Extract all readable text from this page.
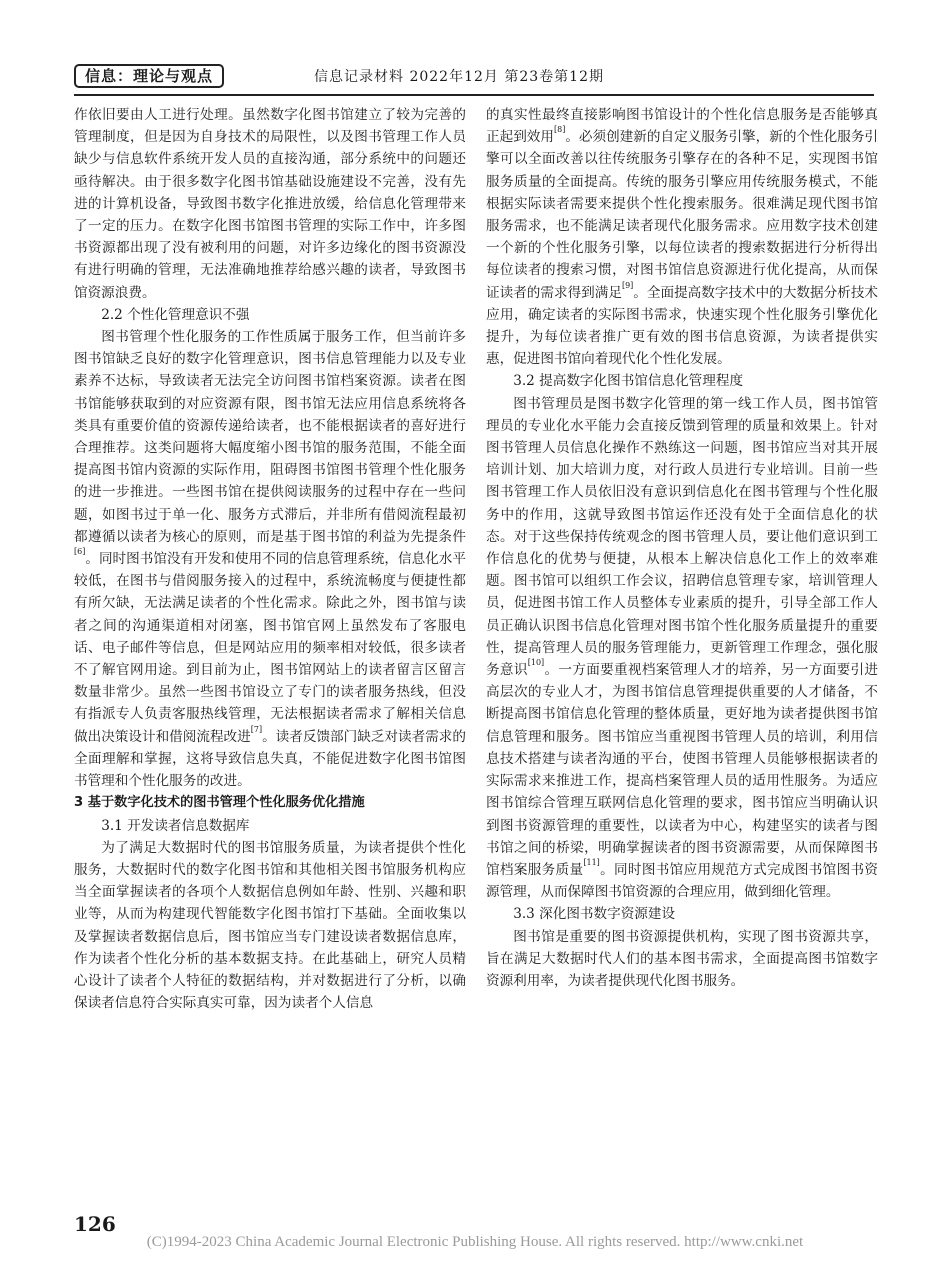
信息：理论与观点	信息记录材料 2022年12月 第23卷第12期

作依旧要由人工进行处理。虽然数字化图书馆建立了较为完善的管理制度，但是因为自身技术的局限性，以及图书管理工作人员缺少与信息软件系统开发人员的直接沟通，部分系统中的问题还亟待解决。由于很多数字化图书馆基础设施建设不完善，没有先进的计算机设备，导致图书数字化推进放缓，给信息化管理带来了一定的压力。在数字化图书馆图书管理的实际工作中，许多图书资源都出现了没有被利用的问题，对许多边缘化的图书资源没有进行明确的管理，无法准确地推荐给感兴趣的读者，导致图书馆资源浪费。

2.2 个性化管理意识不强

图书管理个性化服务的工作性质属于服务工作，但当前许多图书馆缺乏良好的数字化管理意识，图书信息管理能力以及专业素养不达标，导致读者无法完全访问图书馆档案资源。读者在图书馆能够获取到的对应资源有限，图书馆无法应用信息系统将各类具有重要价值的资源传递给读者，也不能根据读者的喜好进行合理推荐。这类问题将大幅度缩小图书馆的服务范围，不能全面提高图书馆内资源的实际作用，阻碍图书馆图书管理个性化服务的进一步推进。一些图书馆在提供阅读服务的过程中存在一些问题，如图书过于单一化、服务方式滞后，并非所有借阅流程最初都遵循以读者为核心的原则，而是基于图书馆的利益为先提条件[6]。同时图书馆没有开发和使用不同的信息管理系统，信息化水平较低，在图书与借阅服务接入的过程中，系统流畅度与便捷性都有所欠缺，无法满足读者的个性化需求。除此之外，图书馆与读者之间的沟通渠道相对闭塞，图书馆官网上虽然发布了客服电话、电子邮件等信息，但是网站应用的频率相对较低，很多读者不了解官网用途。到目前为止，图书馆网站上的读者留言区留言数量非常少。虽然一些图书馆设立了专门的读者服务热线，但没有指派专人负责客服热线管理，无法根据读者需求了解相关信息做出决策设计和借阅流程改进[7]。读者反馈部门缺乏对读者需求的全面理解和掌握，这将导致信息失真，不能促进数字化图书馆图书管理和个性化服务的改进。

3 基于数字化技术的图书管理个性化服务优化措施

3.1 开发读者信息数据库

为了满足大数据时代的图书馆服务质量，为读者提供个性化服务，大数据时代的数字化图书馆和其他相关图书馆服务机构应当全面掌握读者的各项个人数据信息例如年龄、性别、兴趣和职业等，从而为构建现代智能数字化图书馆打下基础。全面收集以及掌握读者数据信息后，图书馆应当专门建设读者数据信息库，作为读者个性化分析的基本数据支持。在此基础上，研究人员精心设计了读者个人特征的数据结构，并对数据进行了分析，以确保读者信息符合实际真实可靠，因为读者个人信息

的真实性最终直接影响图书馆设计的个性化信息服务是否能够真正起到效用[8]。必须创建新的自定义服务引擎，新的个性化服务引擎可以全面改善以往传统服务引擎存在的各种不足，实现图书馆服务质量的全面提高。传统的服务引擎应用传统服务模式，不能根据实际读者需要来提供个性化搜索服务。很难满足现代图书馆服务需求，也不能满足读者现代化服务需求。应用数字技术创建一个新的个性化服务引擎，以每位读者的搜索数据进行分析得出每位读者的搜索习惯，对图书馆信息资源进行优化提高，从而保证读者的需求得到满足[9]。全面提高数字技术中的大数据分析技术应用，确定读者的实际图书需求，快速实现个性化服务引擎优化提升，为每位读者推广更有效的图书信息资源，为读者提供实惠，促进图书馆向着现代化个性化发展。

3.2 提高数字化图书馆信息化管理程度

图书管理员是图书数字化管理的第一线工作人员，图书馆管理员的专业化水平能力会直接反馈到管理的质量和效果上。针对图书管理人员信息化操作不熟练这一问题，图书馆应当对其开展培训计划、加大培训力度，对行政人员进行专业培训。目前一些图书管理工作人员依旧没有意识到信息化在图书管理与个性化服务中的作用，这就导致图书馆运作还没有处于全面信息化的状态。对于这些保持传统观念的图书管理人员，要让他们意识到工作信息化的优势与便捷，从根本上解决信息化工作上的效率难题。图书馆可以组织工作会议，招聘信息管理专家，培训管理人员，促进图书馆工作人员整体专业素质的提升，引导全部工作人员正确认识图书信息化管理对图书馆个性化服务质量提升的重要性，提高管理人员的服务管理能力，更新管理工作理念，强化服务意识[10]。一方面要重视档案管理人才的培养，另一方面要引进高层次的专业人才，为图书馆信息管理提供重要的人才储备，不断提高图书馆信息化管理的整体质量，更好地为读者提供图书馆信息管理和服务。图书馆应当重视图书管理人员的培训，利用信息技术搭建与读者沟通的平台，使图书管理人员能够根据读者的实际需求来推进工作，提高档案管理人员的适用性服务。为适应图书馆综合管理互联网信息化管理的要求，图书馆应当明确认识到图书资源管理的重要性，以读者为中心，构建坚实的读者与图书馆之间的桥梁，明确掌握读者的图书资源需要，从而保障图书馆档案服务质量[11]。同时图书馆应用规范方式完成图书馆图书资源管理，从而保障图书馆资源的合理应用，做到细化管理。

3.3 深化图书数字资源建设

图书馆是重要的图书资源提供机构，实现了图书资源共享，旨在满足大数据时代人们的基本图书需求，全面提高图书馆数字资源利用率，为读者提供现代化图书服务。

126
(C)1994-2023 China Academic Journal Electronic Publishing House. All rights reserved. http://www.cnki.net
